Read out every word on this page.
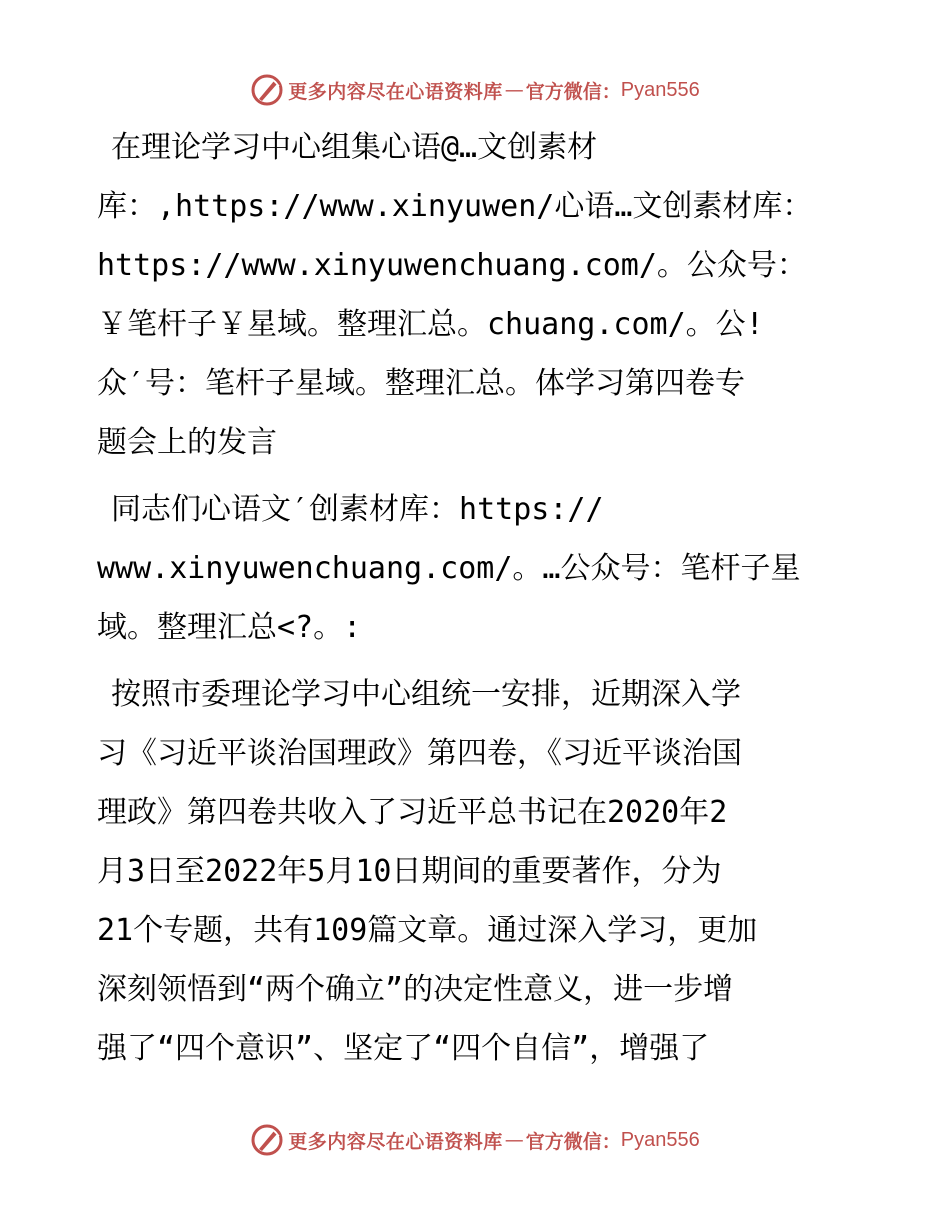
更多内容尽在心语资料库 — 官方微信： Pyan556
在理论学习中心组集心语@…文创素材
库：,https://www.xinyuwen/心语…文创素材库：
https://www.xinyuwenchuang.com/。公众号：
￥笔杆子￥星域。整理汇总。chuang.com/。公!
众′号：笔杆子星域。整理汇总。体学习第四卷专
题会上的发言
同志们心语文′创素材库：https://
www.xinyuwenchuang.com/。…公众号：笔杆子星
域。整理汇总<?。:
按照市委理论学习中心组统一安排，近期深入学
习《习近平谈治国理政》第四卷，《习近平谈治国
理政》第四卷共收入了习近平总书记在2020年2
月3日至2022年5月10日期间的重要著作，分为
21个专题，共有109篇文章。通过深入学习，更加
深刻领悟到“两个确立”的决定性意义，进一步增
强了“四个意识”、坚定了“四个自信”，增强了
更多内容尽在心语资料库 — 官方微信： Pyan556
